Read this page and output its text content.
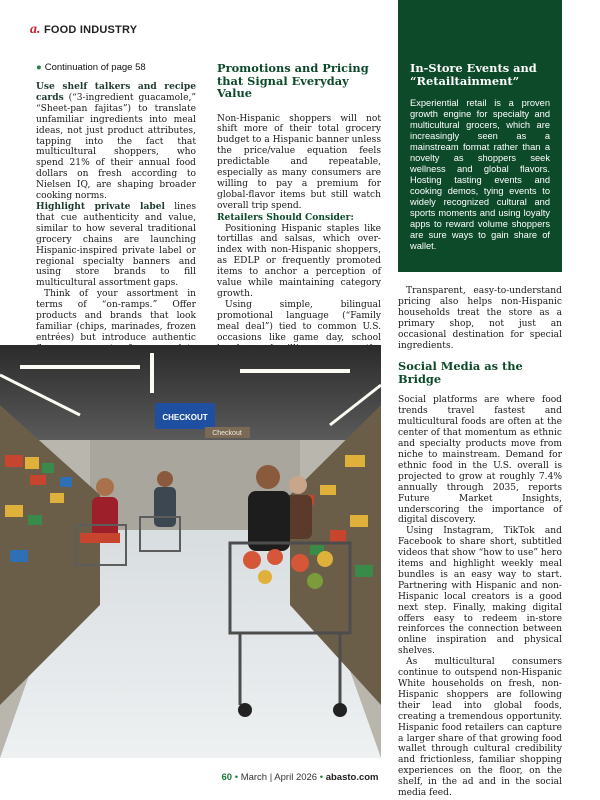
a. FOOD INDUSTRY
● Continuation of page 58

Use shelf talkers and recipe cards (“3-ingredient guacamole,” “Sheet-pan fajitas”) to translate unfamiliar ingredients into meal ideas, not just product attributes, tapping into the fact that multicultural shoppers, who spend 21% of their annual food dollars on fresh according to Nielsen IQ, are shaping broader cooking norms.

Highlight private label lines that cue authenticity and value, similar to how several traditional grocery chains are launching Hispanic-inspired private label or regional specialty banners and using store brands to fill multicultural assortment gaps.

Think of your assortment in terms of “on-ramps.” Offer products and brands that look familiar (chips, marinades, frozen entrées) but introduce authentic

Promotions and Pricing that Signal Everyday Value

Non-Hispanic shoppers will not shift more of their total grocery budget to a Hispanic banner unless the price/value equation feels predictable and repeatable, especially as many consumers are willing to pay a premium for global-flavor items but still watch overall trip spend.

Retailers Should Consider:

Positioning Hispanic staples like tortillas and salsas, which over-index with non-Hispanic shoppers, as EDLP or frequently promoted items to anchor a perception of value while maintaining category growth.

Using simple, bilingual promotional language (“Family meal deal”) tied to common U.S. occasions like game day, school

In-Store Events and “Retailtainment”
Experiential retail is a proven growth engine for specialty and multicultural grocers, which are increasingly seen as a mainstream format rather than a novelty as shoppers seek wellness and global flavors. Hosting tasting events and cooking demos, tying events to widely recognized cultural and sports moments and using loyalty apps to reward volume shoppers are sure ways to gain share of wallet.

Transparent, easy-to-understand pricing also helps non-Hispanic households treat the store as a primary shop, not just an occasional destination for special ingredients.

Social Media as the Bridge

Social platforms are where food trends travel fastest and multicultural foods are often at the center of that momentum as ethnic and specialty products move from niche to mainstream. Demand for ethnic food in the U.S. overall is projected to grow at roughly 7.4% annually through 2035, reports Future Market Insights, underscoring the importance of digital discovery.

Using Instagram, TikTok and Facebook to share short, subtitled videos that show “how to use” hero items and highlight weekly meal bundles is an easy way to start. Partnering with Hispanic and non-Hispanic local creators is a good next step. Finally, making digital offers easy to redeem in-store reinforces the connection between online inspiration and physical shelves.

As multicultural consumers continue to outspend non-Hispanic White households on fresh, non-Hispanic shoppers are following their lead into global foods, creating a tremendous opportunity. Hispanic food retailers can capture a larger share of that growing food wallet through cultural credibility and frictionless, familiar shopping experiences on the floor, on the shelf, in the ad and in the social media feed.

CHECKOUT
Checkout
60 • March | April 2026 • abasto.com
